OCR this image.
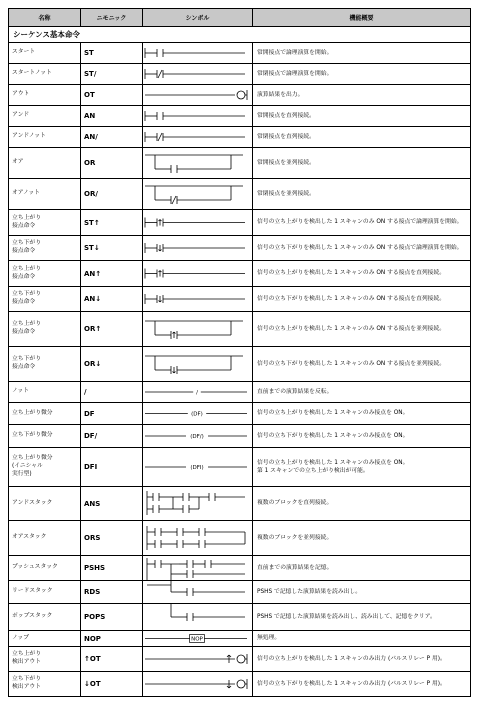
名称	ニモニック	シンボル	機能概要
シーケンス基本命令			
スタート	ST		常開接点で論理演算を開始。
スタートノット	ST/		常閉接点で論理演算を開始。
アウト	OT		演算結果を出力。
アンド	AN		常開接点を直列接続。
アンドノット	AN/		常閉接点を直列接続。
オア	OR		常開接点を並列接続。
オアノット	OR/		常閉接点を並列接続。
立ち上がり
接点命令	ST↑		信号の立ち上がりを検出した 1 スキャンのみ ON する接点で論理演算を開始。
立ち下がり
接点命令	ST↓		信号の立ち下がりを検出した 1 スキャンのみ ON する接点で論理演算を開始。
立ち上がり
接点命令	AN↑		信号の立ち上がりを検出した 1 スキャンのみ ON する接点を直列接続。
立ち下がり
接点命令	AN↓		信号の立ち下がりを検出した 1 スキャンのみ ON する接点を直列接続。
立ち上がり
接点命令	OR↑		信号の立ち上がりを検出した 1 スキャンのみ ON する接点を並列接続。
立ち下がり
接点命令	OR↓		信号の立ち下がりを検出した 1 スキャンのみ ON する接点を並列接続。
ノット	/	/	直前までの演算結果を反転。
立ち上がり微分	DF	(DF)	信号の立ち上がりを検出した 1 スキャンのみ接点を ON。
立ち下がり微分	DF/	(DF/)	信号の立ち下がりを検出した 1 スキャンのみ接点を ON。
立ち上がり微分
(イニシャル
実行型)	DFI	(DFI)	信号の立ち上がりを検出した 1 スキャンのみ接点を ON。
第 1 スキャンでの立ち上がり検出が可能。
アンドスタック	ANS		複数のブロックを直列接続。
オアスタック	ORS		複数のブロックを並列接続。
プッシュスタック	PSHS		直前までの演算結果を記憶。
リードスタック	RDS		PSHS で記憶した演算結果を読み出し。
ポップスタック	POPS		PSHS で記憶した演算結果を読み出し、読み出して、記憶をクリア。
ノップ	NOP	NOP	無処理。
立ち上がり
検出アウト	↑OT		信号の立ち上がりを検出した 1 スキャンのみ出力 (パルスリレー P 用)。
立ち下がり
検出アウト	↓OT		信号の立ち下がりを検出した 1 スキャンのみ出力 (パルスリレー P 用)。
